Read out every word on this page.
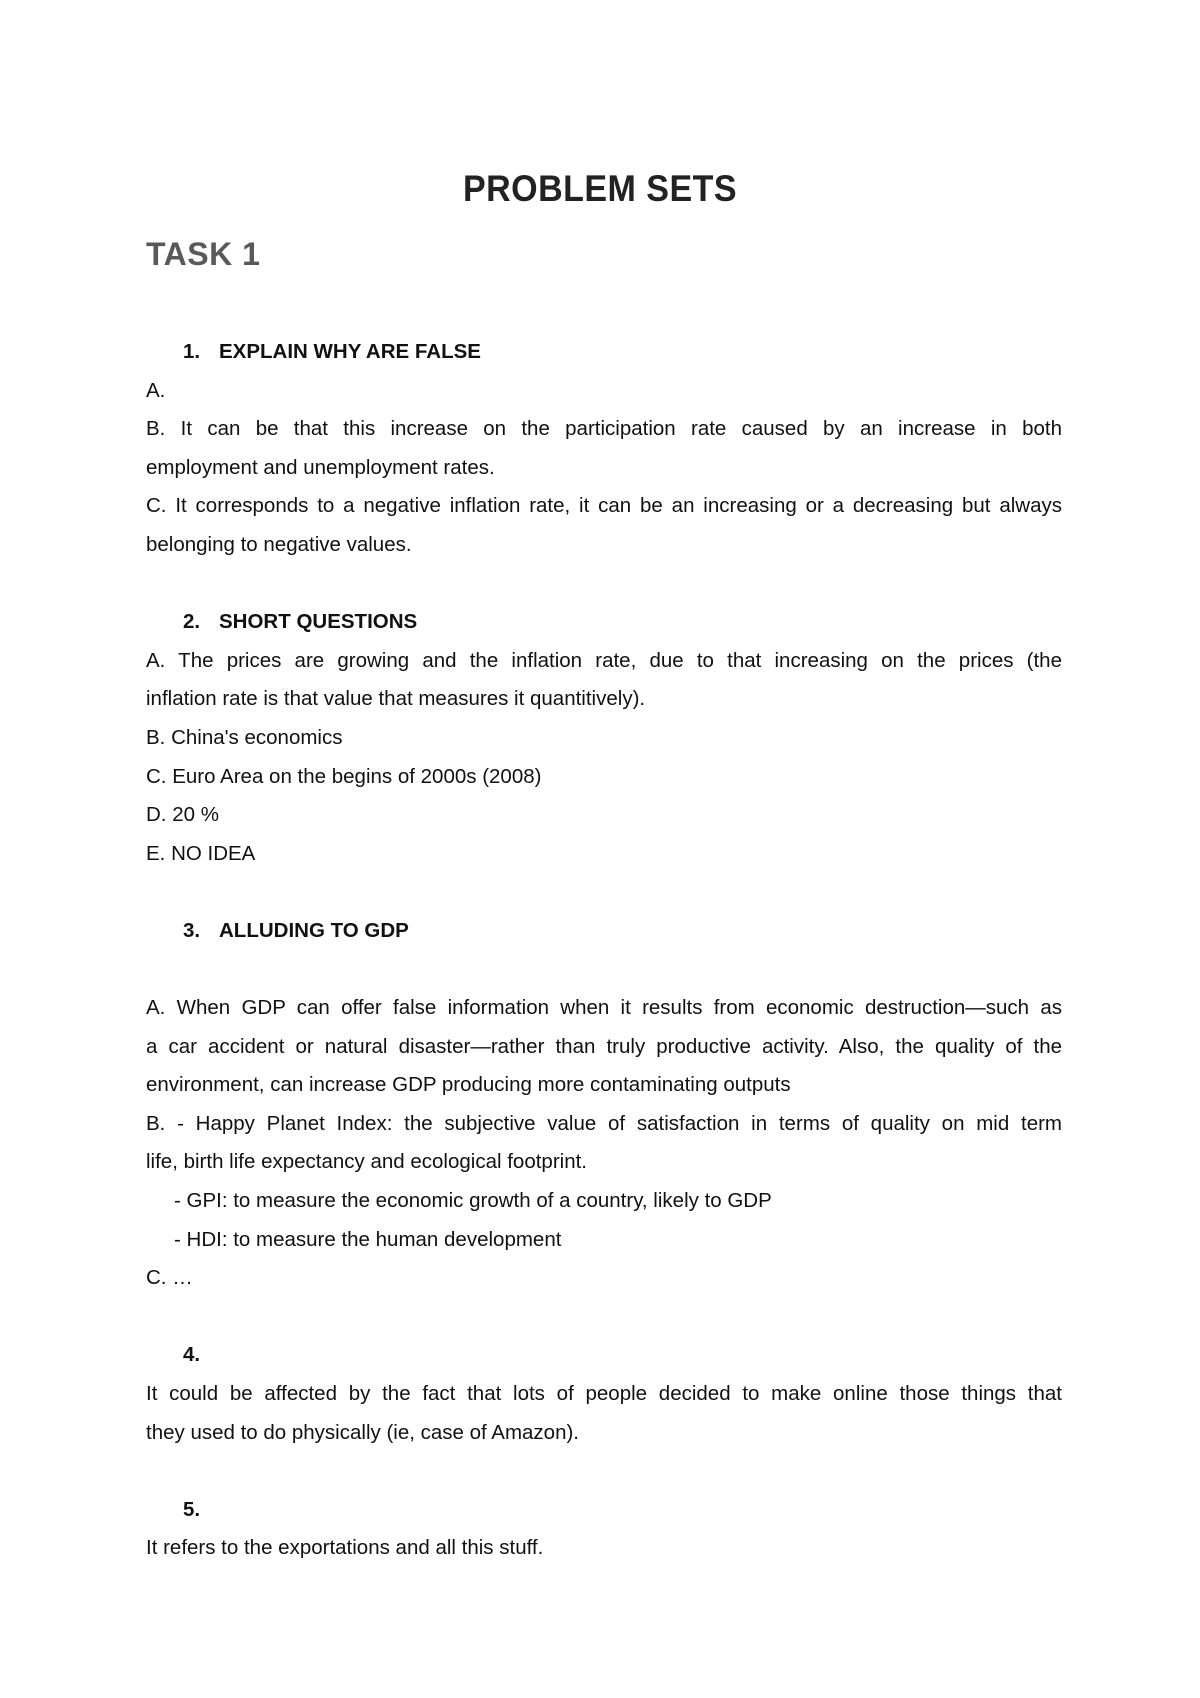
PROBLEM SETS
TASK 1
1. EXPLAIN WHY ARE FALSE
A.
B. It can be that this increase on the participation rate caused by an increase in both
employment and unemployment rates.
C. It corresponds to a negative inflation rate, it can be an increasing or a decreasing but always
belonging to negative values.
2. SHORT QUESTIONS
A. The prices are growing and the inflation rate, due to that increasing on the prices (the
inflation rate is that value that measures it quantitively).
B. China's economics
C. Euro Area on the begins of 2000s (2008)
D. 20 %
E. NO IDEA
3. ALLUDING TO GDP
A. When GDP can offer false information when it results from economic destruction—such as
a car accident or natural disaster—rather than truly productive activity. Also, the quality of the
environment, can increase GDP producing more contaminating outputs
B. - Happy Planet Index: the subjective value of satisfaction in terms of quality on mid term
life, birth life expectancy and ecological footprint.
- GPI: to measure the economic growth of a country, likely to GDP
- HDI: to measure the human development
C. …
4.
It could be affected by the fact that lots of people decided to make online those things that
they used to do physically (ie, case of Amazon).
5.
It refers to the exportations and all this stuff.
